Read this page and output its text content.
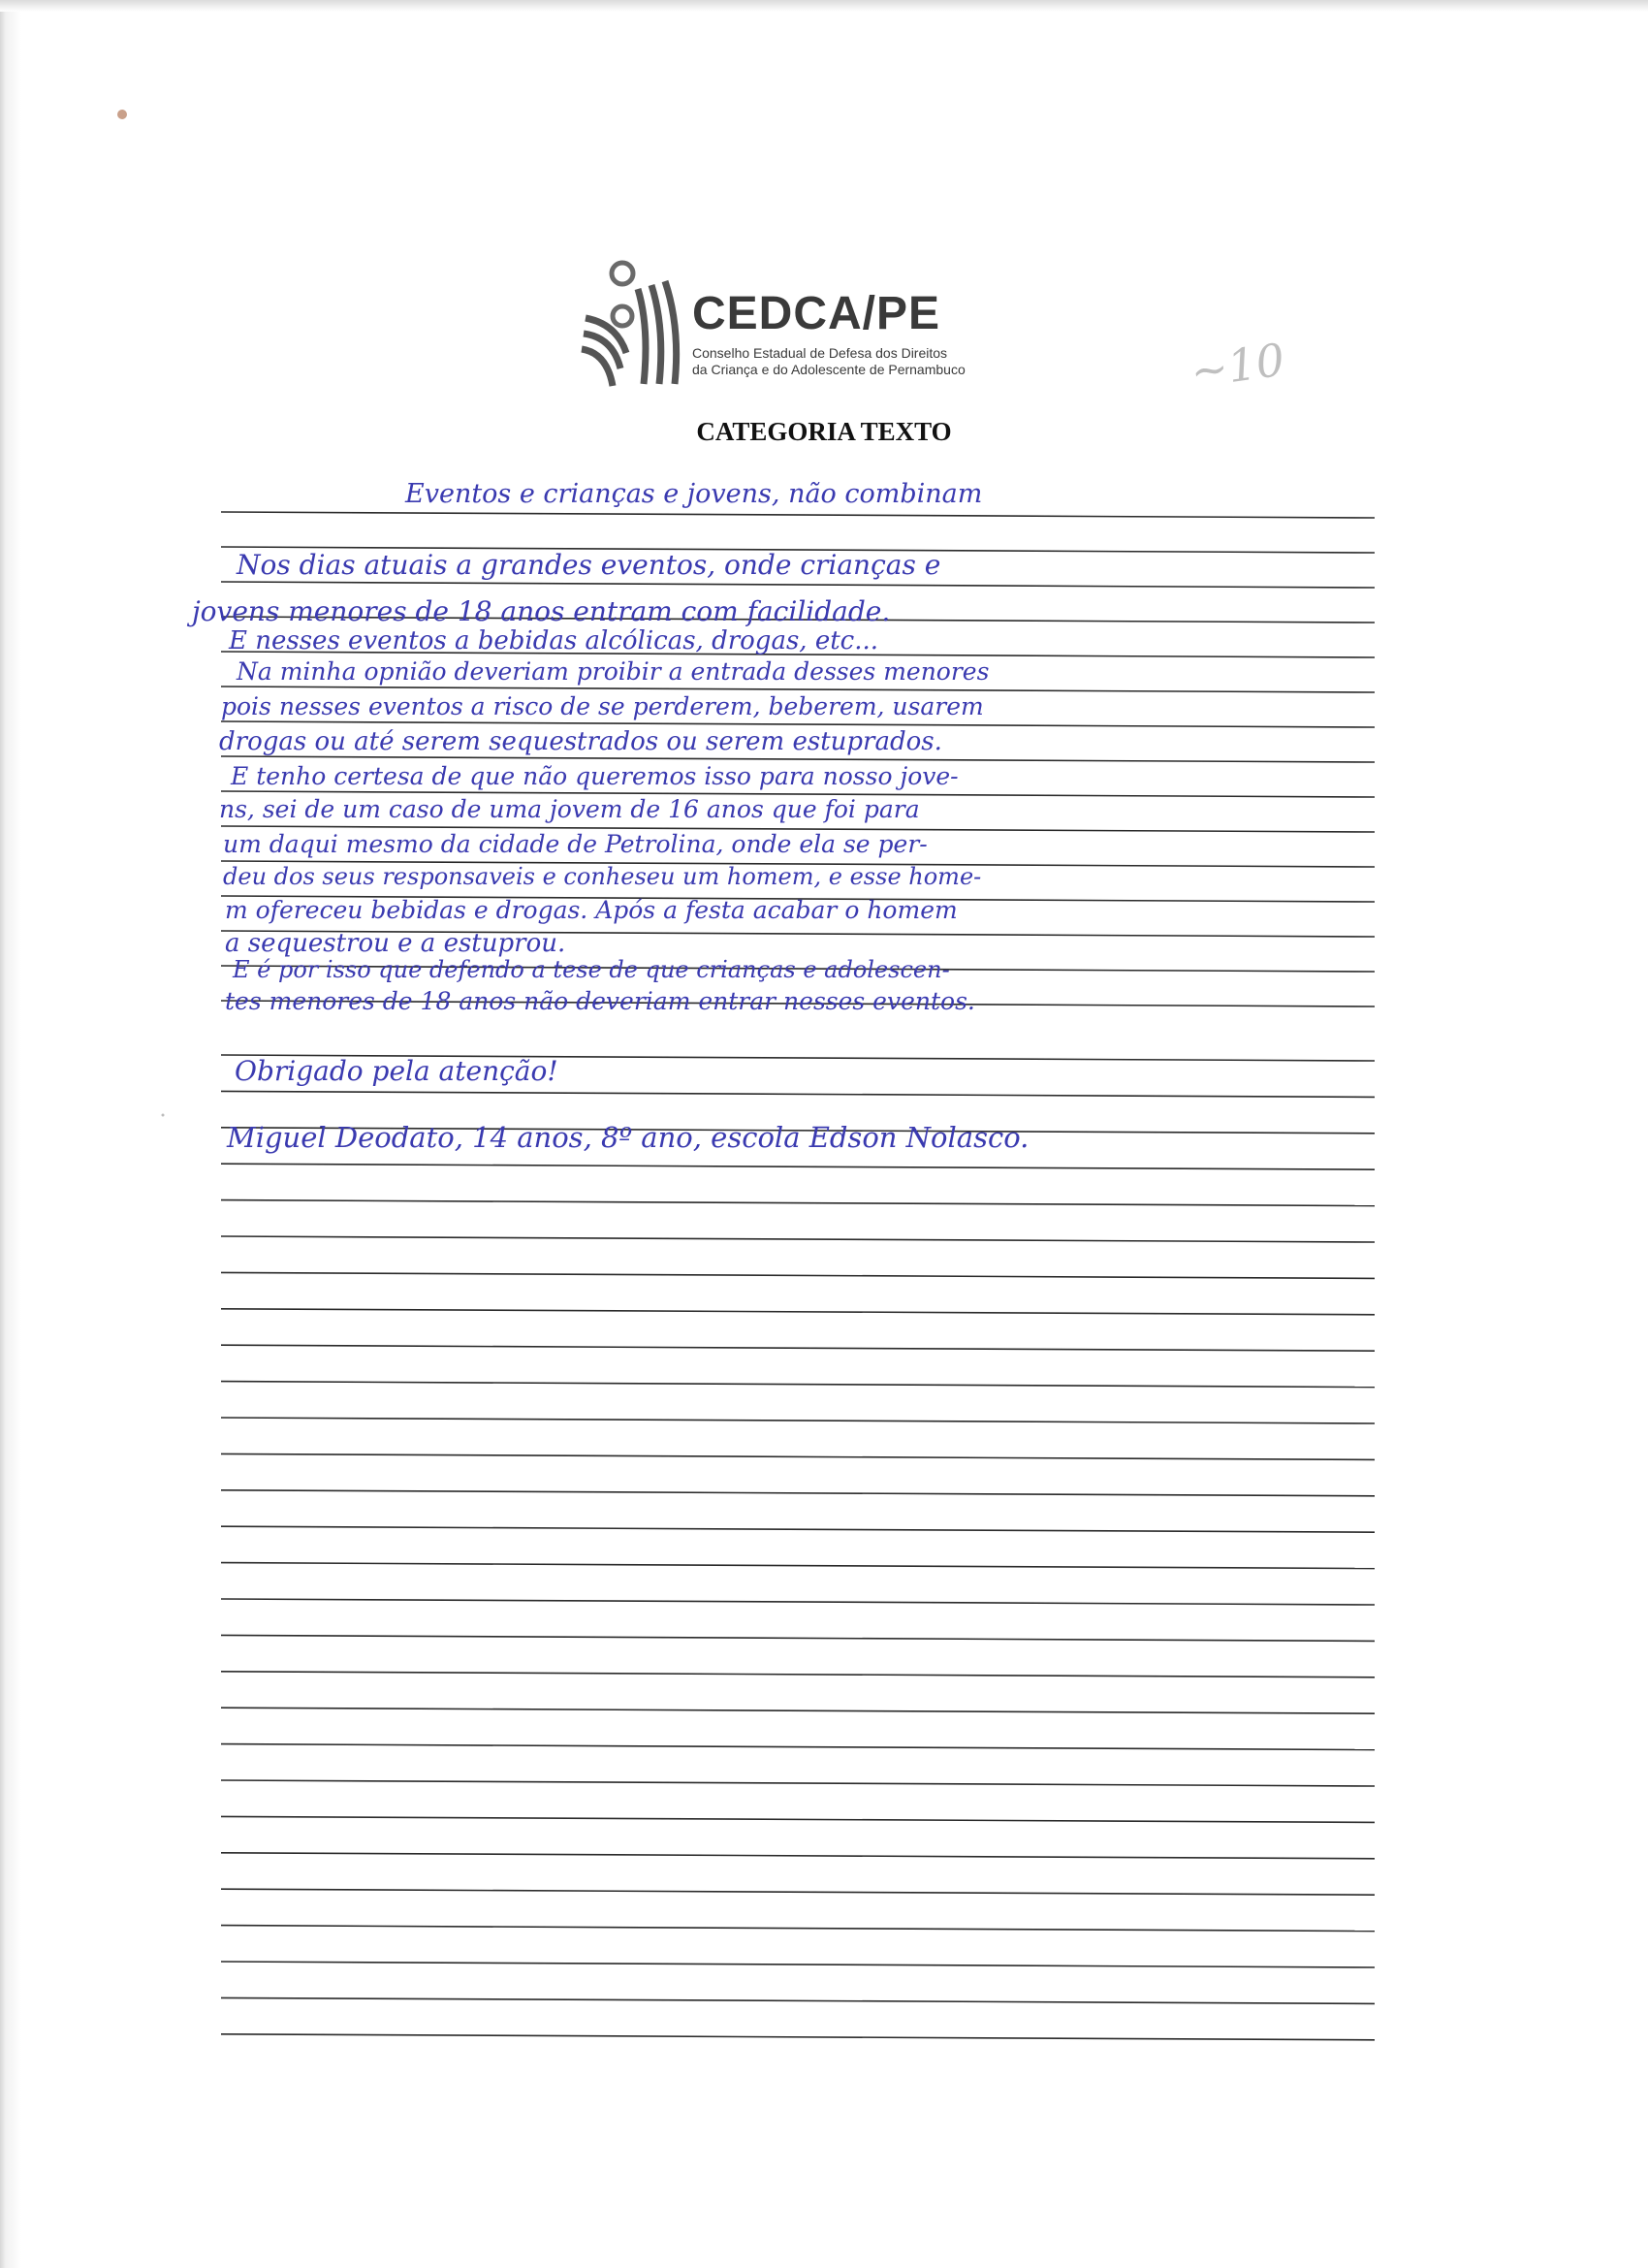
CEDCA/PE
Conselho Estadual de Defesa dos Direitos
da Criança e do Adolescente de Pernambuco	~10
CATEGORIA TEXTO
Eventos e crianças e jovens, não combinam
Nos dias atuais a grandes eventos, onde crianças e
jovens menores de 18 anos entram com facilidade.
E nesses eventos a bebidas alcólicas, drogas, etc...
Na minha opnião deveriam proibir a entrada desses menores
pois nesses eventos a risco de se perderem, beberem, usarem
drogas ou até serem sequestrados ou serem estuprados.
E tenho certesa de que não queremos isso para nosso jove-
ns, sei de um caso de uma jovem de 16 anos que foi para
um daqui mesmo da cidade de Petrolina, onde ela se per-
deu dos seus responsaveis e conheseu um homem, e esse home-
m ofereceu bebidas e drogas. Após a festa acabar o homem
a sequestrou e a estuprou.
E é por isso que defendo a tese de que crianças e adolescen-
tes menores de 18 anos não deveriam entrar nesses eventos.
Obrigado pela atenção!
Miguel Deodato, 14 anos, 8º ano, escola Edson Nolasco.
